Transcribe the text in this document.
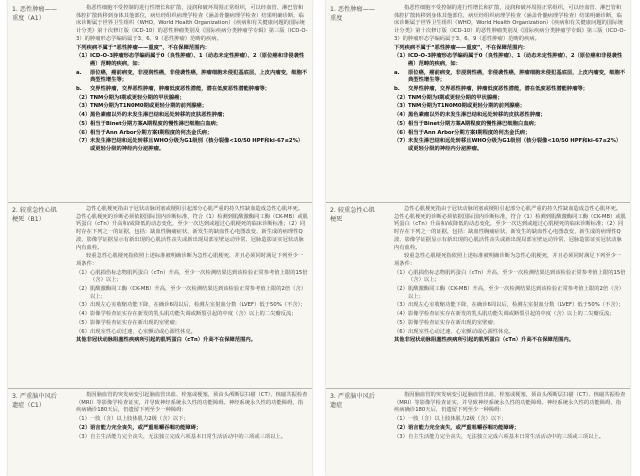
1. 恶性肿瘤——
重度（A1）

指恶性细胞不受控制的进行性增长和扩散，浸润和破坏周围正常组织，可以经血管、淋巴管和体腔扩散转移到身体其他部位，病灶经组织病理学检查（涵盖骨髓病理学检查）结果明确诊断，临床诊断属于世界卫生组织（WHO，World Health Organization）《疾病和有关健康问题的国际统计分类》第十次修订版（ICD-10）的恶性肿瘤类别及《国际疾病分类肿瘤学专辑》第三版（ICD-O-3）的肿瘤形态学编码属于3、6、9（恶性肿瘤）范畴的疾病。

下列疾病不属于“恶性肿瘤——重度”，不在保障范围内：

（1） ICD-O-3肿瘤形态学编码属于0（良性肿瘤）、1（动态未定性肿瘤）、2（原位癌和非侵袭性癌）范畴的疾病，如：

a. 原位癌，癌前病变，非浸润性癌，非侵袭性癌，肿瘤细胞未侵犯基底层，上皮内瘤变，细胞不典型性增生等；

b. 交界性肿瘤，交界恶性肿瘤，肿瘤低度恶性潜能，潜在低度恶性潜能肿瘤等；

（2） TNM分期为I期或更轻分期的甲状腺癌；

（3） TNM分期为T1N0M0期或更轻分期的前列腺癌；

（4） 黑色素瘤以外的未发生淋巴结和远处转移的皮肤恶性肿瘤；

（5） 相当于Binet分期方案A期程度的慢性淋巴细胞白血病；

（6） 相当于Ann Arbor分期方案I期程度的何杰金氏病；

（7） 未发生淋巴结和远处转移且WHO分级为G1级别（核分裂像<10/50 HPF和ki-67≤2%）或更轻分级的神经内分泌肿瘤。

2. 较重急性心肌
梗死（B1）

急性心肌梗死指由于冠状动脉闭塞或梗阻引起部分心肌严重的持久性缺血造成急性心肌坏死。急性心肌梗死的诊断必须依据国际国内诊断标准，符合（1）检测到肌酸激酶同工酶（CK-MB）或肌钙蛋白（cTn）升高和/或降低的动态变化，至少一次达到或超过心肌梗死的临床诊断标准；（2）同时存在下列之一的证据，包括：缺血性胸痛症状、新发生的缺血性心电图改变、新生成的病理性Q波、影像学证据显示有新出现的心肌活性丧失或新出现局部室壁运动异常、冠脉造影证实冠状动脉内有血栓。

较重急性心肌梗死指依照上述标准被明确诊断为急性心肌梗死，并且必须同时满足下列至少一项条件：

（1） 心肌损伤标志物肌钙蛋白（cTn）升高，至少一次检测结果达到该检验正常参考值上限的15倍（含）以上；

（2） 肌酸激酶同工酶（CK-MB）升高，至少一次检测结果达到该检验正常参考值上限的2倍（含）以上；

（3） 出现左心室收缩功能下降，在确诊6周以后，检测左室射血分数（LVEF）低于50%（不含）；

（4） 影像学检查证实存在新发的乳头肌功能失调或断裂引起的中度（含）以上的二尖瓣反流；

（5） 影像学检查证实存在新出现的室壁瘤；

（6） 出现室性心动过速、心室颤动或心源性休克。

其他非冠状动脉阻塞性疾病所引起的肌钙蛋白（cTn）升高不在保障范围内。

3. 严重脑中风后
遗症（C1）

指因脑血管的突发病变引起脑血管出血、栓塞或梗塞，须由头颅断层扫描（CT）、核磁共振检查（MRI）等影像学检查证实，并导致神经系统永久性的功能障碍。神经系统永久性的功能障碍，指疾病确诊180天后，仍遗留下列至少一种障碍：

（1） 一肢（含）以上肢体肌力2级（含）以下；

（2） 语言能力完全丧失，或严重咀嚼吞咽功能障碍；

（3） 自主生活能力完全丧失，无法独立完成六项基本日常生活活动中的三项或三项以上。

1. 恶性肿瘤——
重度

指恶性细胞不受控制的进行性增长和扩散，浸润和破坏周围正常组织，可以经血管、淋巴管和体腔扩散转移到身体其他部位，病灶经组织病理学检查（涵盖骨髓病理学检查）结果明确诊断，临床诊断属于世界卫生组织（WHO，World Health Organization）《疾病和有关健康问题的国际统计分类》第十次修订版（ICD-10）的恶性肿瘤类别及《国际疾病分类肿瘤学专辑》第三版（ICD-O-3）的肿瘤形态学编码属于3、6、9（恶性肿瘤）范畴的疾病。

下列疾病不属于“恶性肿瘤——重度”，不在保障范围内：

（1） ICD-O-3肿瘤形态学编码属于0（良性肿瘤）、1（动态未定性肿瘤）、2（原位癌和非侵袭性癌）范畴的疾病，如：

a. 原位癌，癌前病变，非浸润性癌，非侵袭性癌，肿瘤细胞未侵犯基底层，上皮内瘤变，细胞不典型性增生等；

b. 交界性肿瘤，交界恶性肿瘤，肿瘤低度恶性潜能，潜在低度恶性潜能肿瘤等；

（2） TNM分期为I期或更轻分期的甲状腺癌；

（3） TNM分期为T1N0M0期或更轻分期的前列腺癌；

（4） 黑色素瘤以外的未发生淋巴结和远处转移的皮肤恶性肿瘤；

（5） 相当于Binet分期方案A期程度的慢性淋巴细胞白血病；

（6） 相当于Ann Arbor分期方案I期程度的何杰金氏病；

（7） 未发生淋巴结和远处转移且WHO分级为G1级别（核分裂像<10/50 HPF和ki-67≤2%）或更轻分级的神经内分泌肿瘤。

2. 较重急性心肌
梗死

急性心肌梗死指由于冠状动脉闭塞或梗阻引起部分心肌严重的持久性缺血造成急性心肌坏死。急性心肌梗死的诊断必须依据国际国内诊断标准，符合（1）检测到肌酸激酶同工酶（CK-MB）或肌钙蛋白（cTn）升高和/或降低的动态变化，至少一次达到或超过心肌梗死的临床诊断标准；（2）同时存在下列之一的证据，包括：缺血性胸痛症状、新发生的缺血性心电图改变、新生成的病理性Q波、影像学证据显示有新出现的心肌活性丧失或新出现局部室壁运动异常、冠脉造影证实冠状动脉内有血栓。

较重急性心肌梗死指依照上述标准被明确诊断为急性心肌梗死，并且必须同时满足下列至少一项条件：

（1） 心肌损伤标志物肌钙蛋白（cTn）升高，至少一次检测结果达到该检验正常参考值上限的15倍（含）以上；

（2） 肌酸激酶同工酶（CK-MB）升高，至少一次检测结果达到该检验正常参考值上限的2倍（含）以上；

（3） 出现左心室收缩功能下降，在确诊6周以后，检测左室射血分数（LVEF）低于50%（不含）；

（4） 影像学检查证实存在新发的乳头肌功能失调或断裂引起的中度（含）以上的二尖瓣反流；

（5） 影像学检查证实存在新出现的室壁瘤；

（6） 出现室性心动过速、心室颤动或心源性休克。

其他非冠状动脉阻塞性疾病所引起的肌钙蛋白（cTn）升高不在保障范围内。

3. 严重脑中风后
遗症

指因脑血管的突发病变引起脑血管出血、栓塞或梗塞，须由头颅断层扫描（CT）、核磁共振检查（MRI）等影像学检查证实，并导致神经系统永久性的功能障碍。神经系统永久性的功能障碍，指疾病确诊180天后，仍遗留下列至少一种障碍：

（1） 一肢（含）以上肢体肌力2级（含）以下；

（2） 语言能力完全丧失，或严重咀嚼吞咽功能障碍；

（3） 自主生活能力完全丧失，无法独立完成六项基本日常生活活动中的三项或三项以上。
